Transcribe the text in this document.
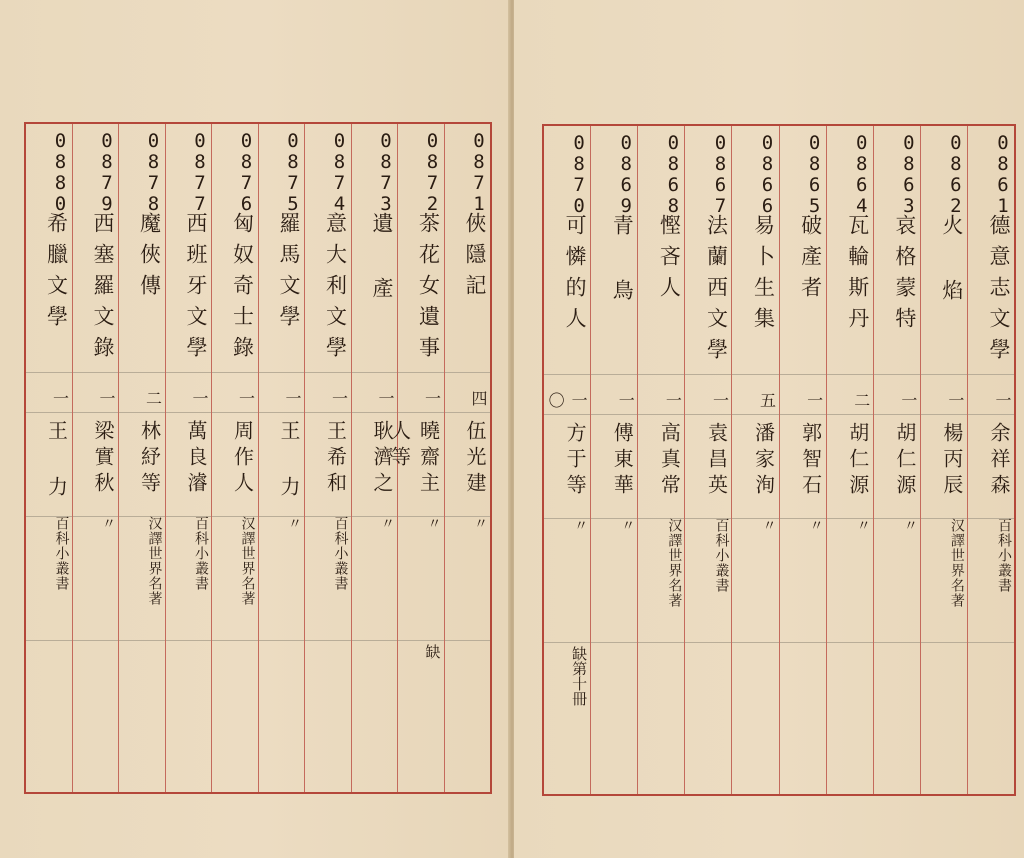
0871
俠隱記
四
伍光建
〃
0872
茶花女遺事
一
曉齋主人等
〃
缺
0873
遺 產
一
耿濟之
〃
0874
意大利文學
一
王希和
百科小叢書
0875
羅馬文學
一
王 力
〃
0876
匈奴奇士錄
一
周作人
汉譯世界名著
0877
西班牙文學
一
萬良濬
百科小叢書
0878
魔俠傳
二
林紓等
汉譯世界名著
0879
西塞羅文錄
一
梁實秋
〃
0880
希臘文學
一
王 力
百科小叢書
0861
德意志文學
一
余祥森
百科小叢書
0862
火 焰
一
楊丙辰
汉譯世界名著
0863
哀格蒙特
一
胡仁源
〃
0864
瓦輪斯丹
二
胡仁源
〃
0865
破產者
一
郭智石
〃
0866
易卜生集
五
潘家洵
〃
0867
法蘭西文學
一
袁昌英
百科小叢書
0868
慳吝人
一
高真常
汉譯世界名著
0869
青 鳥
一
傅東華
〃
0870
可憐的人
一〇
方于等
〃
缺第十冊
